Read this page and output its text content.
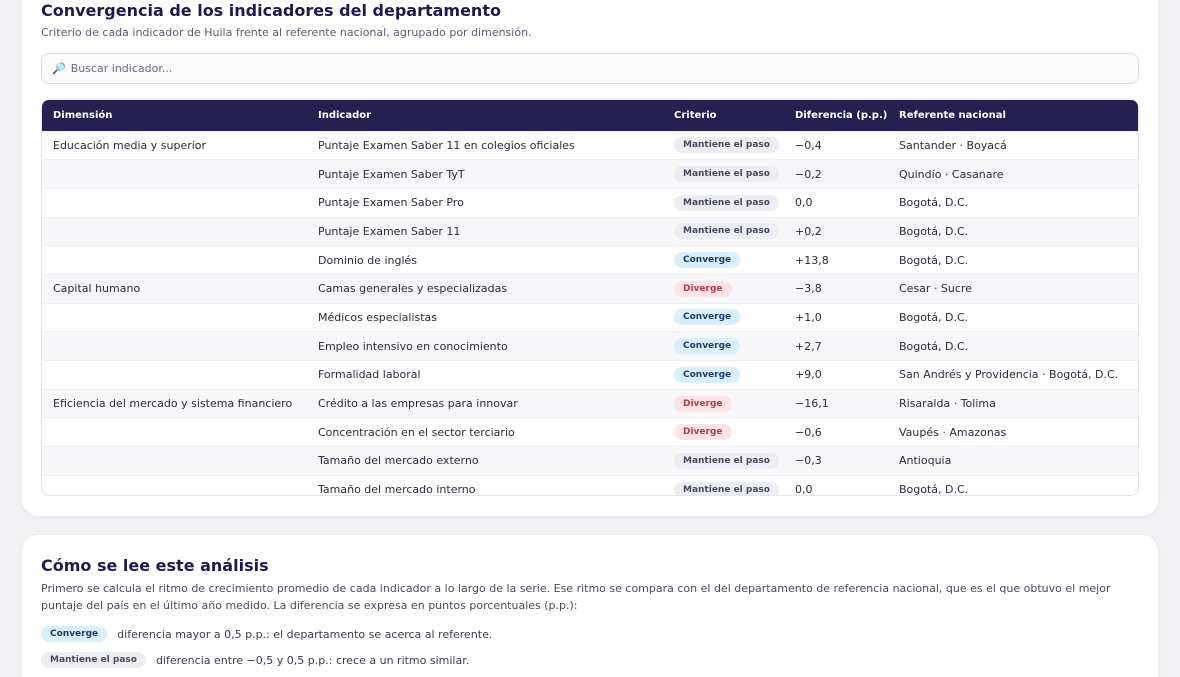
Convergencia de los indicadores del departamento

Criterio de cada indicador de Huila frente al referente nacional, agrupado por dimensión.

🔎
Buscar indicador...
Dimensión	Indicador	Criterio	Diferencia (p.p.)	Referente nacional
Educación media y superior	Puntaje Examen Saber 11 en colegios oficiales	Mantiene el paso	−0,4	Santander · Boyacá
	Puntaje Examen Saber TyT	Mantiene el paso	−0,2	Quindío · Casanare
	Puntaje Examen Saber Pro	Mantiene el paso	0,0	Bogotá, D.C.
	Puntaje Examen Saber 11	Mantiene el paso	+0,2	Bogotá, D.C.
	Dominio de inglés	Converge	+13,8	Bogotá, D.C.
Capital humano	Camas generales y especializadas	Diverge	−3,8	Cesar · Sucre
	Médicos especialistas	Converge	+1,0	Bogotá, D.C.
	Empleo intensivo en conocimiento	Converge	+2,7	Bogotá, D.C.
	Formalidad laboral	Converge	+9,0	San Andrés y Providencia · Bogotá, D.C.
Eficiencia del mercado y sistema financiero	Crédito a las empresas para innovar	Diverge	−16,1	Risaralda · Tolima
	Concentración en el sector terciario	Diverge	−0,6	Vaupés · Amazonas
	Tamaño del mercado externo	Mantiene el paso	−0,3	Antioquia
	Tamaño del mercado interno	Mantiene el paso	0,0	Bogotá, D.C.
Cómo se lee este análisis

Primero se calcula el ritmo de crecimiento promedio de cada indicador a lo largo de la serie. Ese ritmo se compara con el del departamento de referencia nacional, que es el que obtuvo el mejor puntaje del país en el último año medido. La diferencia se expresa en puntos porcentuales (p.p.):

Converge	diferencia mayor a 0,5 p.p.: el departamento se acerca al referente.
Mantiene el paso	diferencia entre −0,5 y 0,5 p.p.: crece a un ritmo similar.
